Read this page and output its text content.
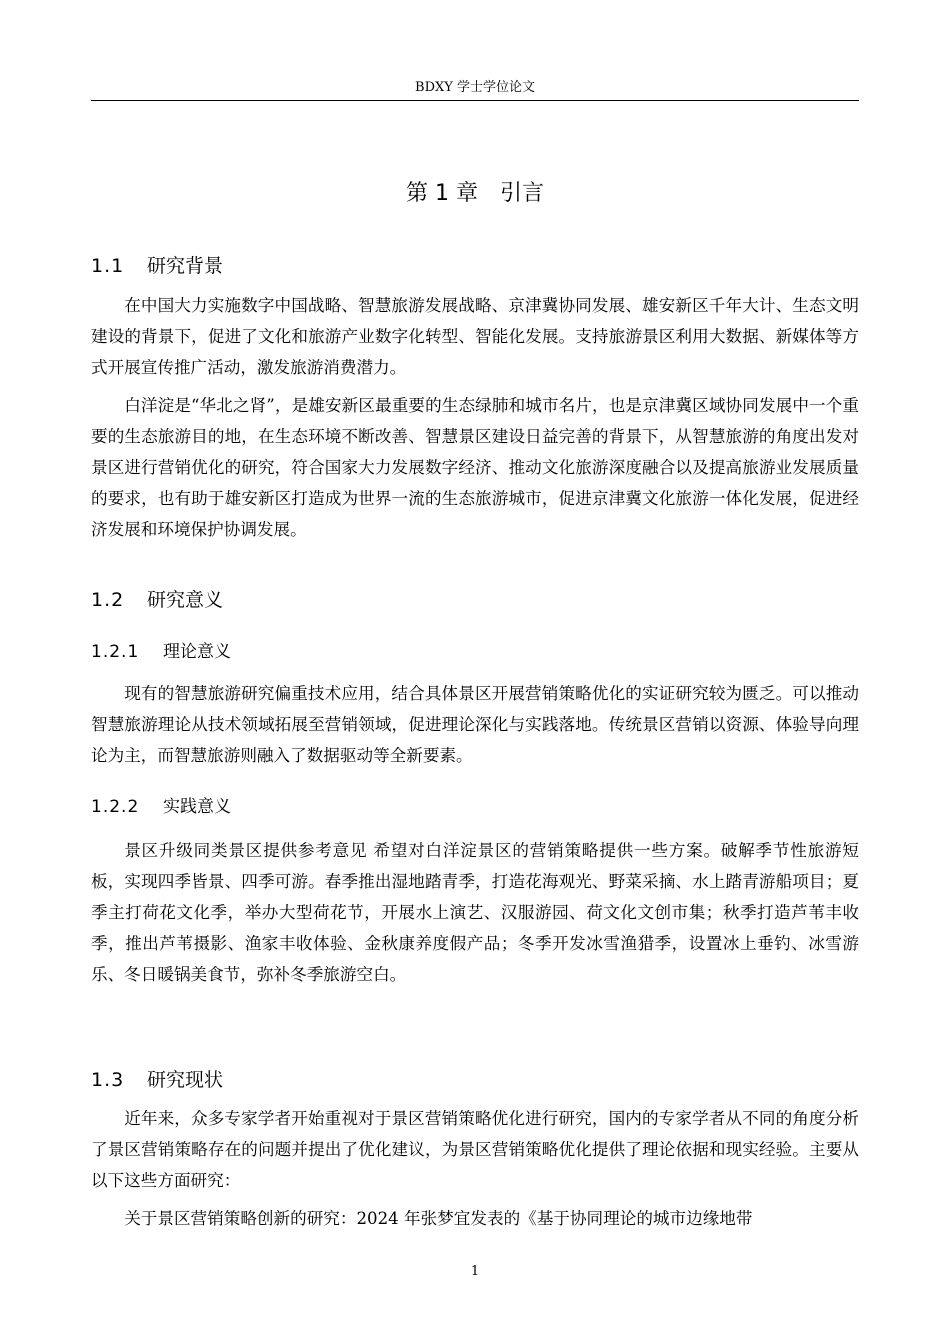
BDXY 学士学位论文
第 1 章 引言
1.1 研究背景

在中国大力实施数字中国战略、智慧旅游发展战略、京津冀协同发展、雄安新区千年大计、生态文明建设的背景下，促进了文化和旅游产业数字化转型、智能化发展。支持旅游景区利用大数据、新媒体等方式开展宣传推广活动，激发旅游消费潜力。

白洋淀是“华北之肾”，是雄安新区最重要的生态绿肺和城市名片，也是京津冀区域协同发展中一个重要的生态旅游目的地，在生态环境不断改善、智慧景区建设日益完善的背景下，从智慧旅游的角度出发对景区进行营销优化的研究，符合国家大力发展数字经济、推动文化旅游深度融合以及提高旅游业发展质量的要求，也有助于雄安新区打造成为世界一流的生态旅游城市，促进京津冀文化旅游一体化发展，促进经济发展和环境保护协调发展。

1.2 研究意义
1.2.1 理论意义

现有的智慧旅游研究偏重技术应用，结合具体景区开展营销策略优化的实证研究较为匮乏。可以推动智慧旅游理论从技术领域拓展至营销领域，促进理论深化与实践落地。传统景区营销以资源、体验导向理论为主，而智慧旅游则融入了数据驱动等全新要素。

1.2.2 实践意义

景区升级同类景区提供参考意见 希望对白洋淀景区的营销策略提供一些方案。破解季节性旅游短板，实现四季皆景、四季可游。春季推出湿地踏青季，打造花海观光、野菜采摘、水上踏青游船项目；夏季主打荷花文化季，举办大型荷花节，开展水上演艺、汉服游园、荷文化文创市集；秋季打造芦苇丰收季，推出芦苇摄影、渔家丰收体验、金秋康养度假产品；冬季开发冰雪渔猎季，设置冰上垂钓、冰雪游乐、冬日暖锅美食节，弥补冬季旅游空白。

1.3 研究现状

近年来，众多专家学者开始重视对于景区营销策略优化进行研究，国内的专家学者从不同的角度分析了景区营销策略存在的问题并提出了优化建议，为景区营销策略优化提供了理论依据和现实经验。主要从以下这些方面研究：

关于景区营销策略创新的研究：2024 年张梦宜发表的《基于协同理论的城市边缘地带

1
